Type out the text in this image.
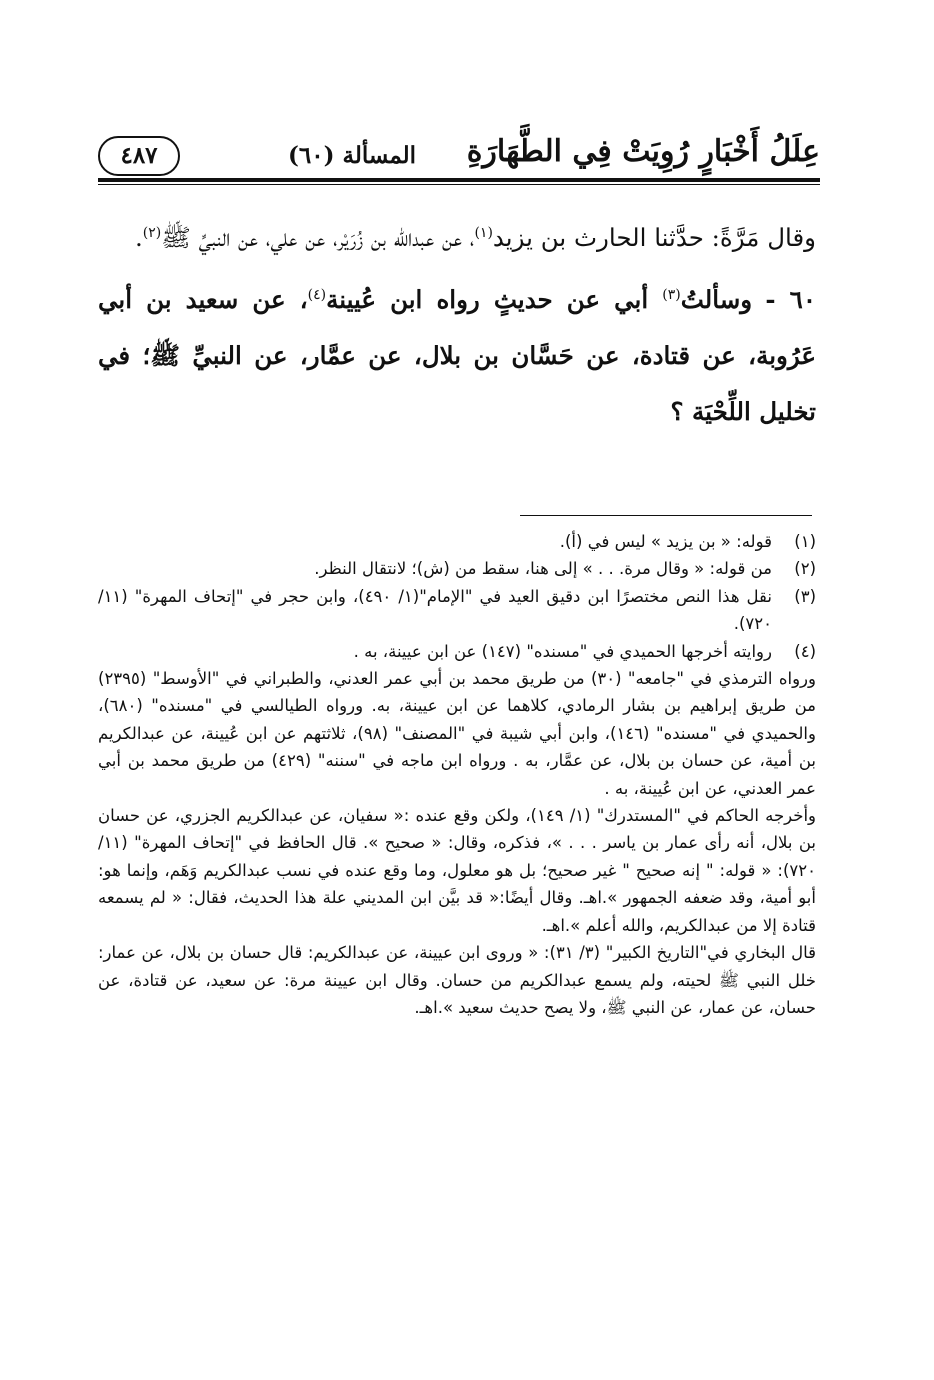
عِلَلُ أَخْبَارٍ رُوِيَتْ فِي الطَّهَارَةِ
المسألة (٦٠)
٤٨٧

وقال مَرَّةً: حدَّثنا الحارث بن يزيد$^{(١)}$، عن عبدالله بن زُرَيْر، عن علي، عن النبيِّ ﷺ$^{(٢)}$.

٦٠ - وسألتُ$^{(٣)}$ أبي عن حديثٍ رواه ابن عُيينة$^{(٤)}$، عن سعيد بن أبي عَرُوبة، عن قتادة، عن حَسَّان بن بلال، عن عمَّار، عن النبيِّ ﷺ؛ في تخليل اللِّحْيَة ؟

(١)
قوله: « بن يزيد » ليس في (أ).
(٢)
من قوله: « وقال مرة. . . » إلى هنا، سقط من (ش)؛ لانتقال النظر.
(٣)
نقل هذا النص مختصرًا ابن دقيق العيد في "الإمام"(١/ ٤٩٠)، وابن حجر في "إتحاف المهرة" (١١/ ٧٢٠).
(٤)
روايته أخرجها الحميدي في "مسنده" (١٤٧) عن ابن عيينة، به .
ورواه الترمذي في "جامعه" (٣٠) من طريق محمد بن أبي عمر العدني، والطبراني في "الأوسط" (٢٣٩٥) من طريق إبراهيم بن بشار الرمادي، كلاهما عن ابن عيينة، به. ورواه الطيالسي في "مسنده" (٦٨٠)، والحميدي في "مسنده" (١٤٦)، وابن أبي شيبة في "المصنف" (٩٨)، ثلاثتهم عن ابن عُيينة، عن عبدالكريم بن أمية، عن حسان بن بلال، عن عمَّار، به . ورواه ابن ماجه في "سننه" (٤٢٩) من طريق محمد بن أبي عمر العدني، عن ابن عُيينة، به .
وأخرجه الحاكم في "المستدرك" (١/ ١٤٩)، ولكن وقع عنده :« سفيان، عن عبدالكريم الجزري، عن حسان بن بلال، أنه رأى عمار بن ياسر . . . »، فذكره، وقال: « صحيح ». قال الحافظ في "إتحاف المهرة" (١١/ ٧٢٠): « قوله: " إنه صحيح " غير صحيح؛ بل هو معلول، وما وقع عنده في نسب عبدالكريم وَهَم، وإنما هو: أبو أمية، وقد ضعفه الجمهور ».اهـ. وقال أيضًا:« قد بيَّن ابن المديني علة هذا الحديث، فقال: « لم يسمعه قتادة إلا من عبدالكريم، والله أعلم ».اهـ.
قال البخاري في"التاريخ الكبير" (٣/ ٣١): « وروى ابن عيينة، عن عبدالكريم: قال حسان بن بلال، عن عمار: خلل النبي ﷺ لحيته، ولم يسمع عبدالكريم من حسان. وقال ابن عيينة مرة: عن سعيد، عن قتادة، عن حسان، عن عمار، عن النبي ﷺ، ولا يصح حديث سعيد ».اهـ.
